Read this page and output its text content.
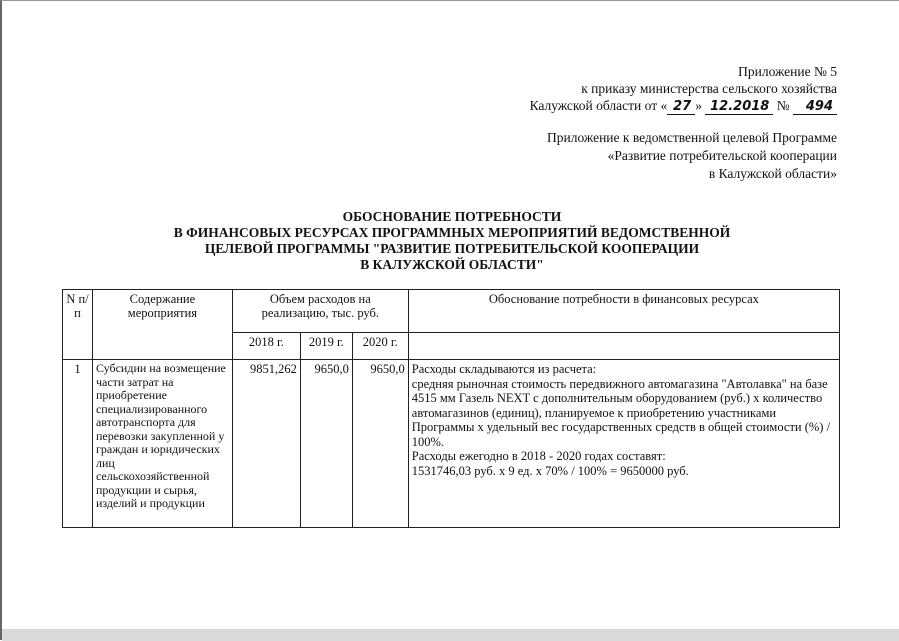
Приложение № 5
к приказу министерства сельского хозяйства
Калужской области от « 27 » 12.2018 № 494
Приложение к ведомственной целевой Программе
«Развитие потребительской кооперации
в Калужской области»
ОБОСНОВАНИЕ ПОТРЕБНОСТИ
В ФИНАНСОВЫХ РЕСУРСАХ ПРОГРАММНЫХ МЕРОПРИЯТИЙ ВЕДОМСТВЕННОЙ
ЦЕЛЕВОЙ ПРОГРАММЫ "РАЗВИТИЕ ПОТРЕБИТЕЛЬСКОЙ КООПЕРАЦИИ
В КАЛУЖСКОЙ ОБЛАСТИ"
N п/п	Содержание мероприятия	Объем расходов на реализацию, тыс. руб.			Обоснование потребности в финансовых ресурсах
		2018 г.	2019 г.	2020 г.	
1	Субсидии на возмещение части затрат на приобретение специализированного автотранспорта для перевозки закупленной у граждан и юридических лиц сельскохозяйственной продукции и сырья, изделий и продукции	9851,262	9650,0	9650,0	Расходы складываются из расчета:
средняя рыночная стоимость передвижного автомагазина "Автолавка" на базе 4515 мм Газель NEXT с дополнительным оборудованием (руб.) х количество автомагазинов (единиц), планируемое к приобретению участниками Программы х удельный вес государственных средств в общей стоимости (%) / 100%.
Расходы ежегодно в 2018 - 2020 годах составят:
1531746,03 руб. х 9 ед. х 70% / 100% = 9650000 руб.
